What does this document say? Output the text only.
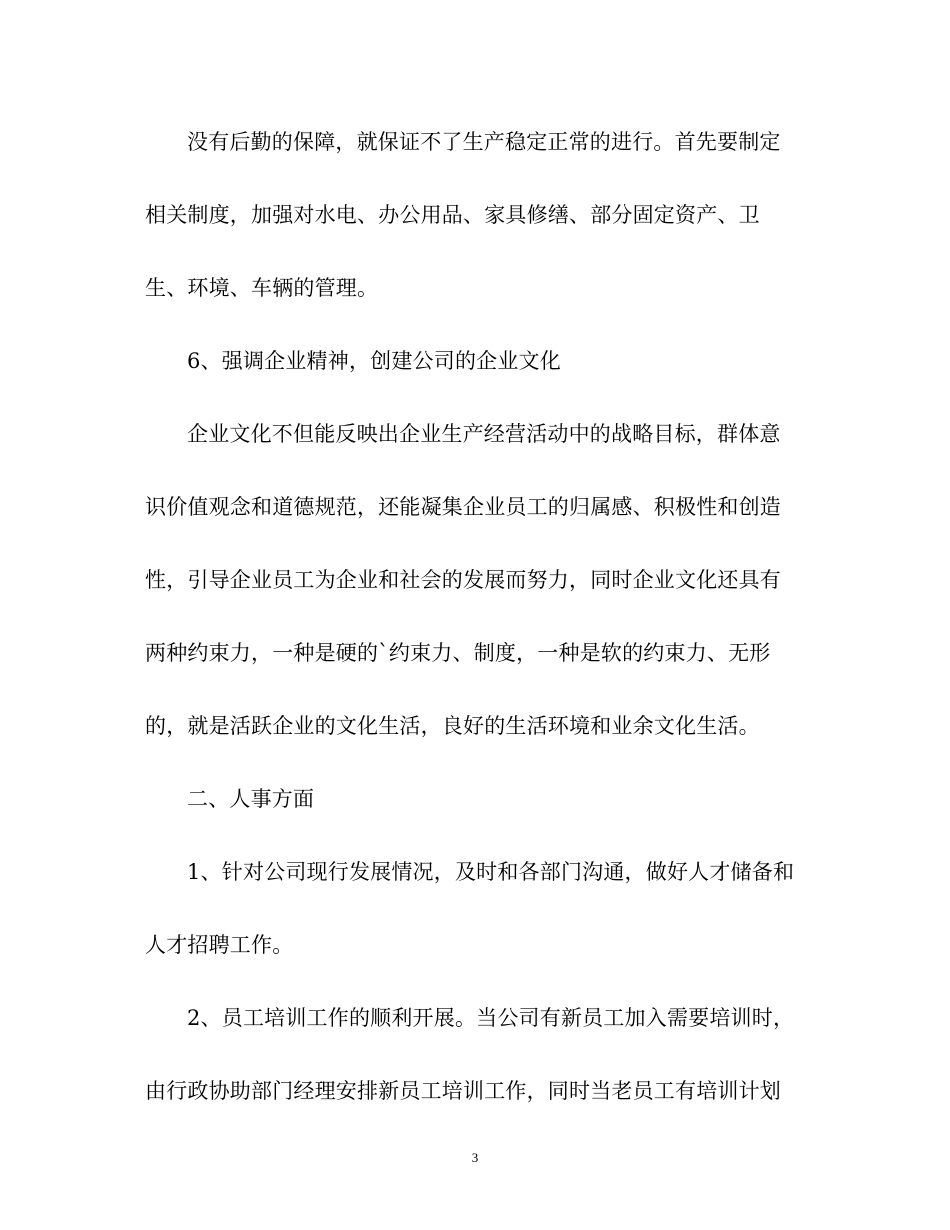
没有后勤的保障，就保证不了生产稳定正常的进行。首先要制定
相关制度，加强对水电、办公用品、家具修缮、部分固定资产、卫
生、环境、车辆的管理。
6、强调企业精神，创建公司的企业文化
企业文化不但能反映出企业生产经营活动中的战略目标，群体意
识价值观念和道德规范，还能凝集企业员工的归属感、积极性和创造
性，引导企业员工为企业和社会的发展而努力，同时企业文化还具有
两种约束力，一种是硬的`约束力、制度，一种是软的约束力、无形
的，就是活跃企业的文化生活，良好的生活环境和业余文化生活。
二、人事方面
1、针对公司现行发展情况，及时和各部门沟通，做好人才储备和
人才招聘工作。
2、员工培训工作的顺利开展。当公司有新员工加入需要培训时，
由行政协助部门经理安排新员工培训工作，同时当老员工有培训计划
3
